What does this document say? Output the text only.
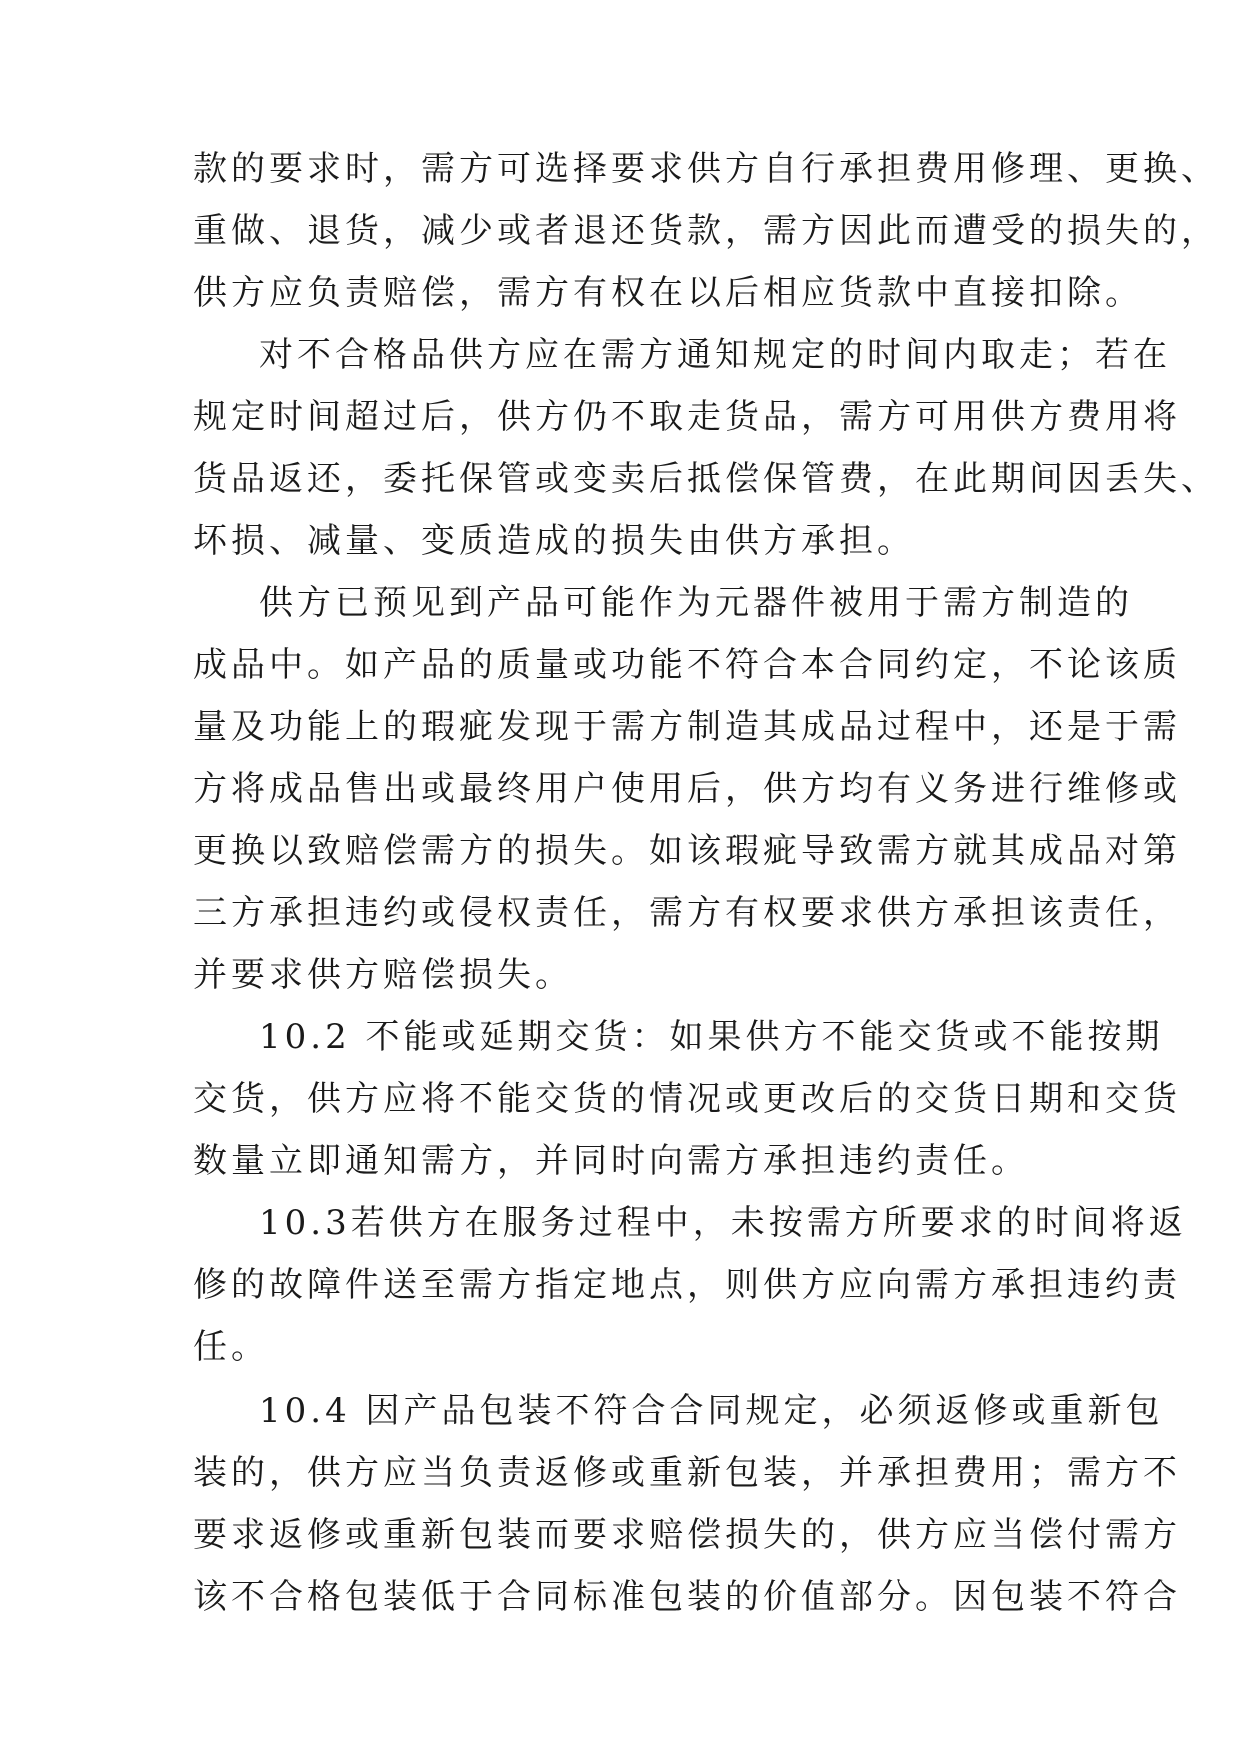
款的要求时，需方可选择要求供方自行承担费用修理、更换、
重做、退货，减少或者退还货款，需方因此而遭受的损失的，
供方应负责赔偿，需方有权在以后相应货款中直接扣除。
对不合格品供方应在需方通知规定的时间内取走；若在
规定时间超过后，供方仍不取走货品，需方可用供方费用将
货品返还，委托保管或变卖后抵偿保管费，在此期间因丢失、
坏损、减量、变质造成的损失由供方承担。
供方已预见到产品可能作为元器件被用于需方制造的
成品中。如产品的质量或功能不符合本合同约定，不论该质
量及功能上的瑕疵发现于需方制造其成品过程中，还是于需
方将成品售出或最终用户使用后，供方均有义务进行维修或
更换以致赔偿需方的损失。如该瑕疵导致需方就其成品对第
三方承担违约或侵权责任，需方有权要求供方承担该责任，
并要求供方赔偿损失。
10.2 不能或延期交货：如果供方不能交货或不能按期
交货，供方应将不能交货的情况或更改后的交货日期和交货
数量立即通知需方，并同时向需方承担违约责任。
10.3若供方在服务过程中，未按需方所要求的时间将返
修的故障件送至需方指定地点，则供方应向需方承担违约责
任。
10.4 因产品包装不符合合同规定，必须返修或重新包
装的，供方应当负责返修或重新包装，并承担费用；需方不
要求返修或重新包装而要求赔偿损失的，供方应当偿付需方
该不合格包装低于合同标准包装的价值部分。因包装不符合
